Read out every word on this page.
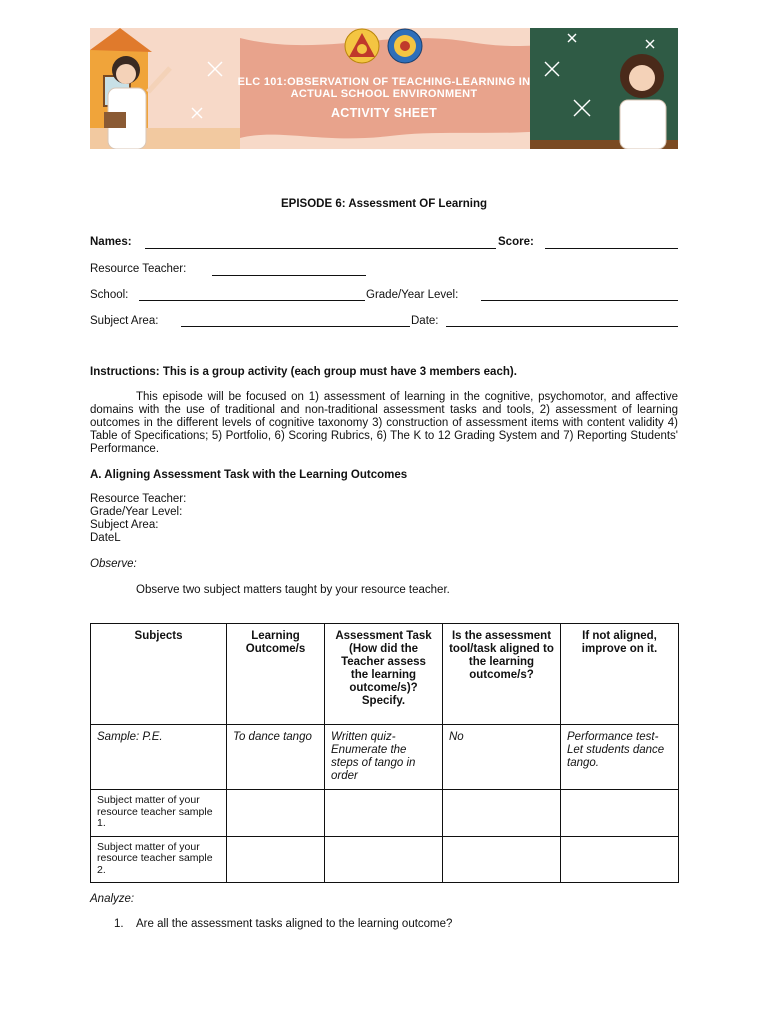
ELC 101:OBSERVATION OF TEACHING-LEARNING IN
ACTUAL SCHOOL ENVIRONMENT
ACTIVITY SHEET
EPISODE 6: Assessment OF Learning
Names:	Score:
Resource Teacher:
School:	Grade/Year Level:
Subject Area:	Date:
Instructions: This is a group activity (each group must have 3 members each).
This episode will be focused on 1) assessment of learning in the cognitive, psychomotor, and affective domains with the use of traditional and non-traditional assessment tasks and tools, 2) assessment of learning outcomes in the different levels of cognitive taxonomy 3) construction of assessment items with content validity 4) Table of Specifications; 5) Portfolio, 6) Scoring Rubrics, 6) The K to 12 Grading System and 7) Reporting Students' Performance.
A. Aligning Assessment Task with the Learning Outcomes
Resource Teacher:
Grade/Year Level:
Subject Area:
DateL
Observe:
Observe two subject matters taught by your resource teacher.
Subjects	Learning Outcome/s	Assessment Task (How did the Teacher assess the learning outcome/s)? Specify.	Is the assessment tool/task aligned to the learning outcome/s?	If not aligned, improve on it.
Sample: P.E.	To dance tango	Written quiz- Enumerate the steps of tango in order	No	Performance test-Let students dance tango.
Subject matter of your resource teacher sample 1.				
Subject matter of your resource teacher sample 2.				
Analyze:
1. Are all the assessment tasks aligned to the learning outcome?
